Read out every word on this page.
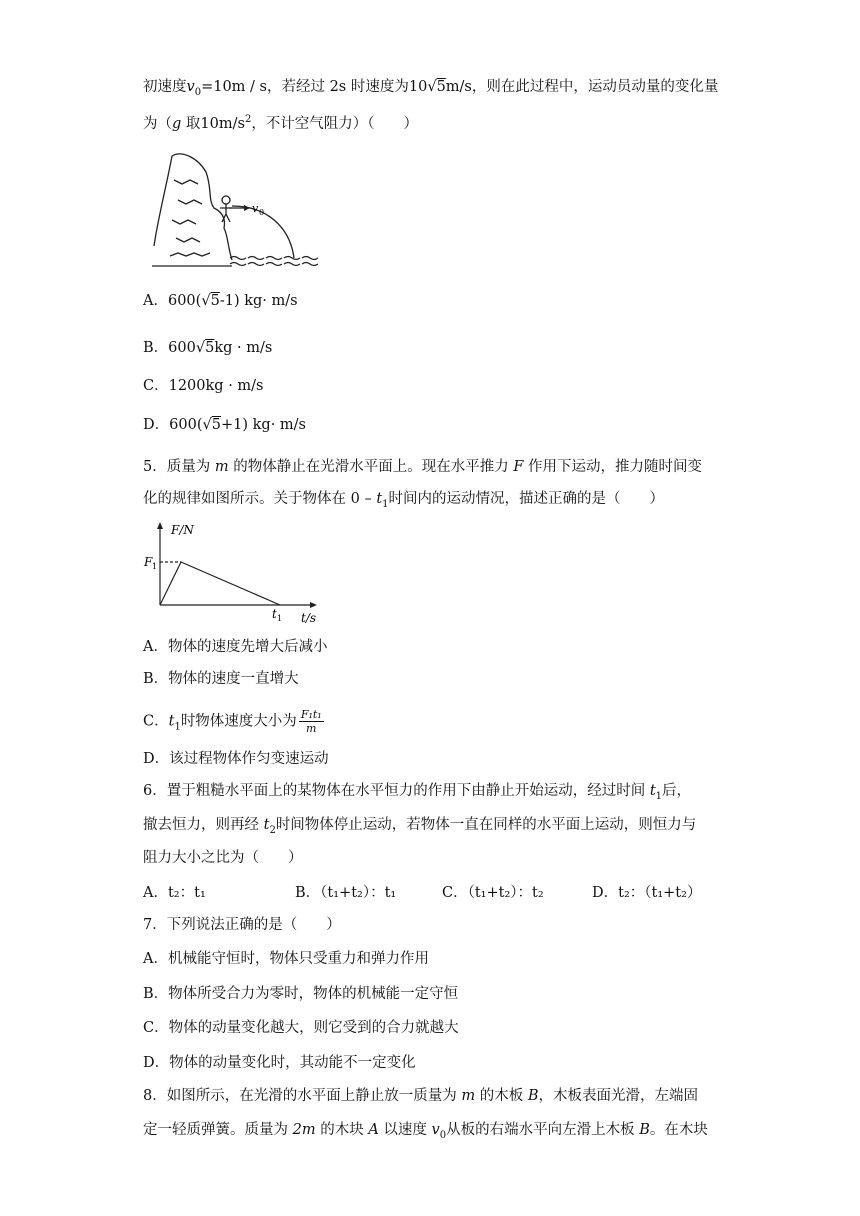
初速度$v_0=10m / s$，若经过 2s 时速度为10√5m/s，则在此过程中，运动员动量的变化量
为（g 取$10m/s^2$，不计空气阻力）（　　）
v 0
A．600(√5-1) kg· m/s
B．600√5kg · m/s
C．1200kg · m/s
D．600(√5+1) kg· m/s
5．质量为 m 的物体静止在光滑水平面上。现在水平推力 F 作用下运动，推力随时间变
化的规律如图所示。关于物体在 $0 - t_1$时间内的运动情况，描述正确的是（　　）
F/N
t/s
F 1
t 1
A．物体的速度先增大后减小
B．物体的速度一直增大
C．$t_1$时物体速度大小为 $\frac{\text{F₁t₁}}{m}$
D．该过程物体作匀变速运动
6．置于粗糙水平面上的某物体在水平恒力的作用下由静止开始运动，经过时间 $t_1$后，
撤去恒力，则再经 $t_2$时间物体停止运动，若物体一直在同样的水平面上运动，则恒力与
阻力大小之比为（　　）
A．t₂：t₁	B．（t₁+t₂）：t₁	C．（t₁+t₂）：t₂	D．t₂：（t₁+t₂）
7．下列说法正确的是（　　）
A．机械能守恒时，物体只受重力和弹力作用
B．物体所受合力为零时，物体的机械能一定守恒
C．物体的动量变化越大，则它受到的合力就越大
D．物体的动量变化时，其动能不一定变化
8．如图所示，在光滑的水平面上静止放一质量为 m 的木板 B，木板表面光滑，左端固
定一轻质弹簧。质量为 2m 的木块 A 以速度 $v_0$从板的右端水平向左滑上木板 B。在木块
